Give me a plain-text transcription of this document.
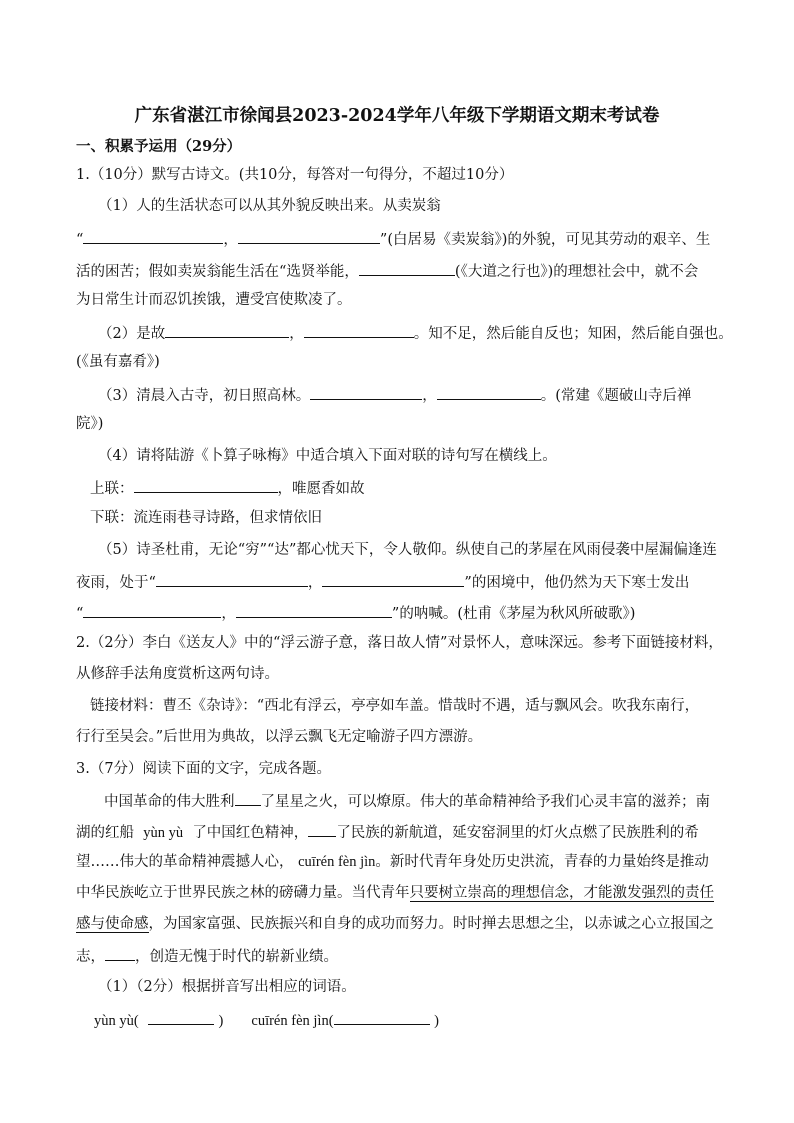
广东省湛江市徐闻县2023-2024学年八年级下学期语文期末考试卷
一、积累予运用（29分）
1.（10分）默写古诗文。(共10分，每答对一句得分，不超过10分）
（1）人的生活状态可以从其外貌反映出来。从卖炭翁
“	，	”(白居易《卖炭翁》)的外貌，可见其劳动的艰辛、生
活的困苦；假如卖炭翁能生活在“选贤举能，	(《大道之行也》)的理想社会中，就不会
为日常生计而忍饥挨饿，遭受宫使欺凌了。
（2）是故	，	。知不足，然后能自反也；知困，然后能自强也。
(《虽有嘉肴》)
（3）清晨入古寺，初日照高林。	，	。(常建《题破山寺后禅
院》)
（4）请将陆游《卜算子咏梅》中适合填入下面对联的诗句写在横线上。
上联：	，唯愿香如故
下联：流连雨巷寻诗路，但求情依旧
（5）诗圣杜甫，无论“穷”“达”都心忧天下，令人敬仰。纵使自己的茅屋在风雨侵袭中屋漏偏逢连
夜雨，处于“	，	”的困境中，他仍然为天下寒士发出
“	，	”的呐喊。(杜甫《茅屋为秋风所破歌》)
2.（2分）李白《送友人》中的“浮云游子意，落日故人情”对景怀人，意味深远。参考下面链接材料，
从修辞手法角度赏析这两句诗。
链接材料：曹丕《杂诗》：“西北有浮云，亭亭如车盖。惜哉时不遇，适与飘风会。吹我东南行，
行行至吴会。”后世用为典故，以浮云飘飞无定喻游子四方漂游。
3.（7分）阅读下面的文字，完成各题。
中国革命的伟大胜利 了星星之火，可以燎原。伟大的革命精神给予我们心灵丰富的滋养；南
湖的红船 yùn yù 了中国红色精神， 了民族的新航道，延安窑洞里的灯火点燃了民族胜利的希
望……伟大的革命精神震撼人心， cuīrén fèn jìn。新时代青年身处历史洪流，青春的力量始终是推动
中华民族屹立于世界民族之林的磅礴力量。当代青年只要树立崇高的理想信念，才能激发强烈的责任
感与使命感，为国家富强、民族振兴和自身的成功而努力。时时掸去思想之尘，以赤诚之心立报国之
志， ，创造无愧于时代的崭新业绩。
（1）（2分）根据拼音写出相应的词语。
yùn yù(	) cuīrén fèn jìn(	)
